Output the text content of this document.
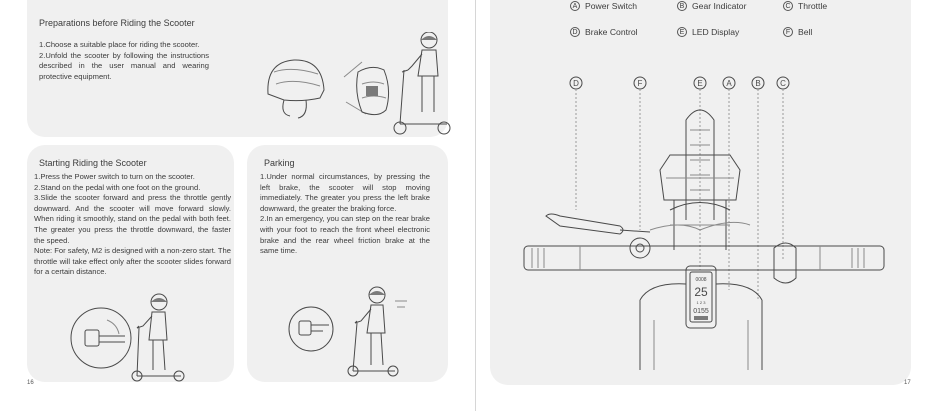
Preparations before Riding the Scooter

1.Choose a suitable place for riding the scooter.

2.Unfold the scooter by following the instructions described in the user manual and wearing protective equipment.

Starting Riding the Scooter

1.Press the Power switch to turn on the scooter.

2.Stand on the pedal with one foot on the ground.

3.Slide the scooter forward and press the throttle gently downward. And the scooter will move forward slowly. When riding it smoothly, stand on the pedal with both feet. The greater you press the throttle downward, the faster the speed.

Note: For safety, M2 is designed with a non-zero start. The throttle will take effect only after the scooter slides forward for a certain distance.

Parking

1.Under normal circumstances, by pressing the left brake, the scooter will stop moving immediately. The greater you press the left brake downward, the greater the braking force.

2.In an emergency, you can step on the rear brake with your foot to reach the front wheel electronic brake and the rear wheel friction brake at the same time.

16
A Power Switch	B Gear Indicator	C Throttle
D Brake Control	E LED Display	F Bell
D	F	E	A	B C
0008
25
1 2 3
0155
17
